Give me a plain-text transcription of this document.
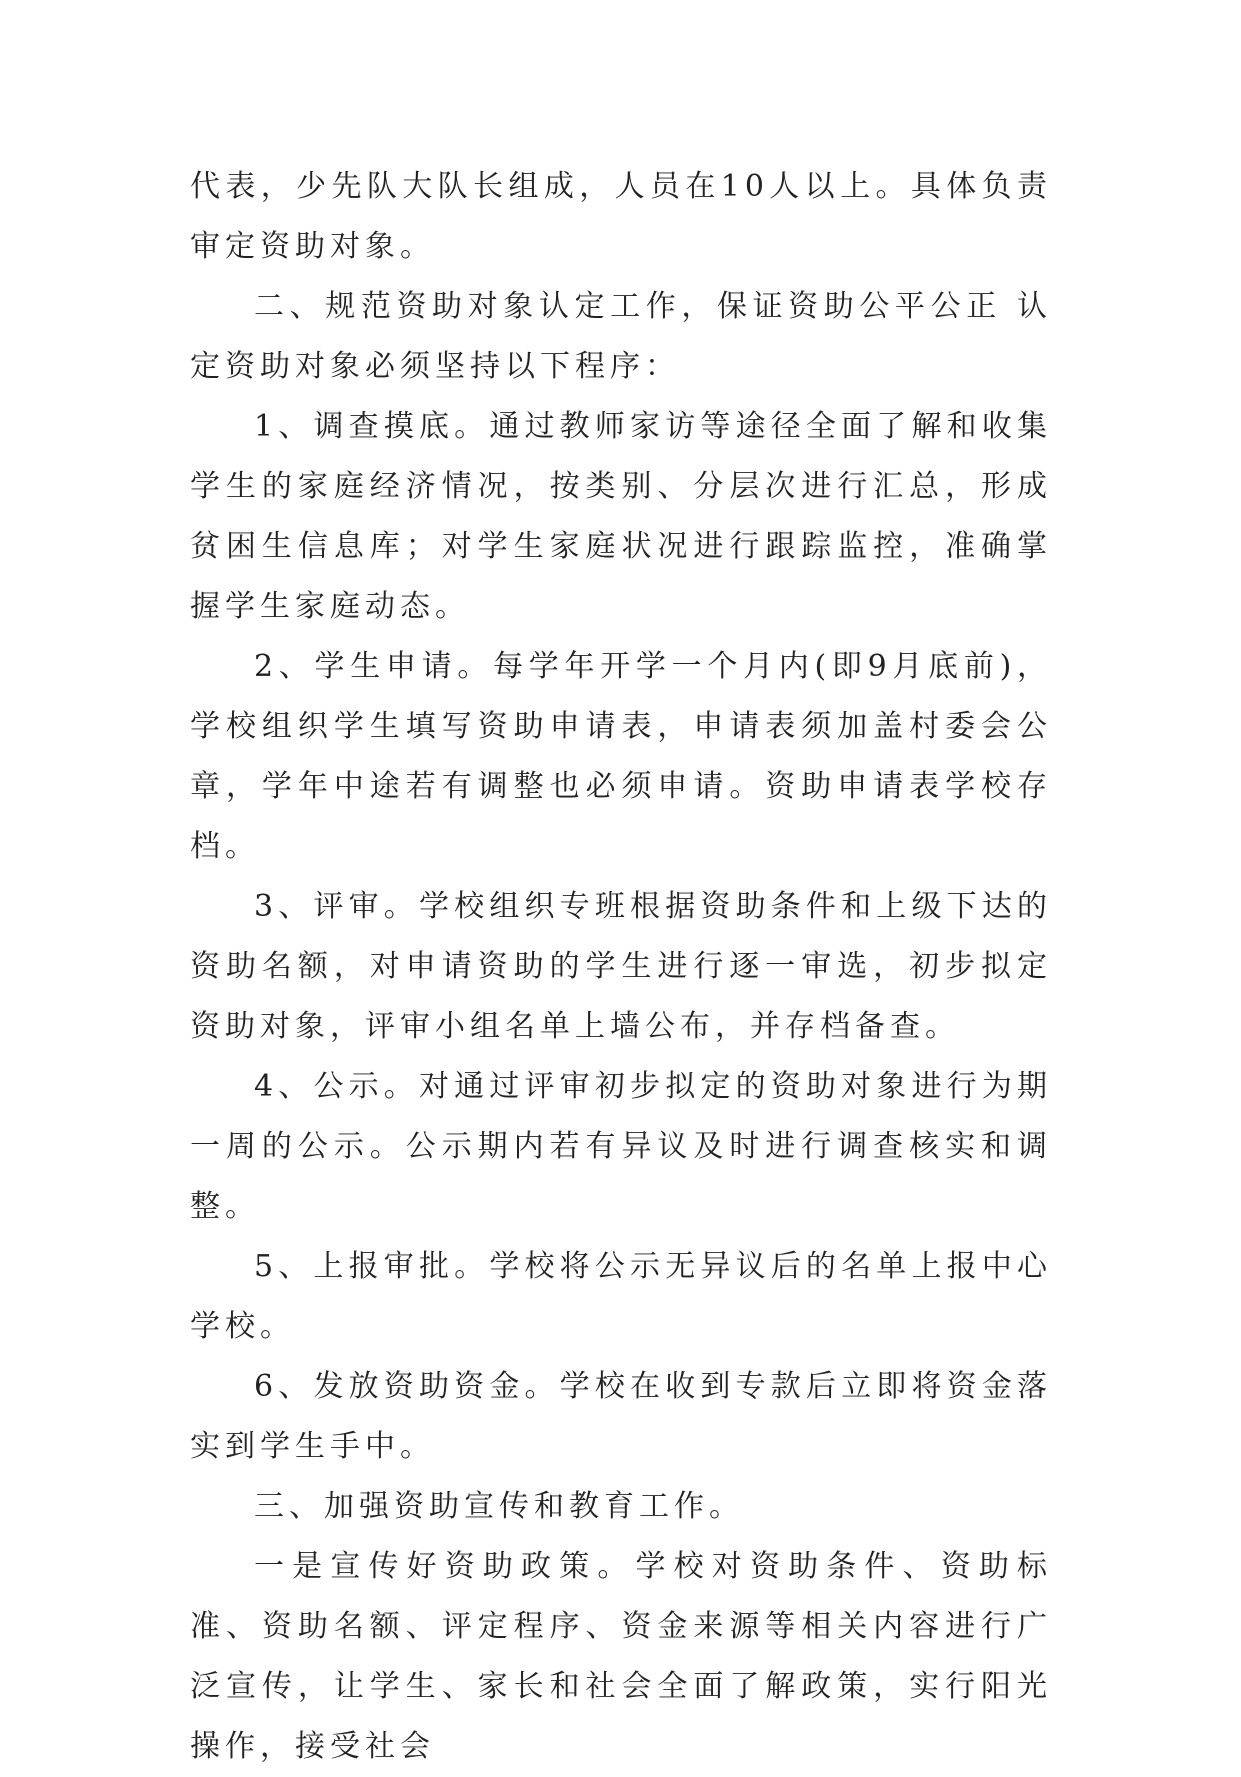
代表，少先队大队长组成，人员在10人以上。具体负责审定资助对象。

二、规范资助对象认定工作，保证资助公平公正 认定资助对象必须坚持以下程序：

1、调查摸底。通过教师家访等途径全面了解和收集学生的家庭经济情况，按类别、分层次进行汇总，形成贫困生信息库；对学生家庭状况进行跟踪监控，准确掌握学生家庭动态。

2、学生申请。每学年开学一个月内(即9月底前)，学校组织学生填写资助申请表，申请表须加盖村委会公章，学年中途若有调整也必须申请。资助申请表学校存档。

3、评审。学校组织专班根据资助条件和上级下达的资助名额，对申请资助的学生进行逐一审选，初步拟定资助对象，评审小组名单上墙公布，并存档备查。

4、公示。对通过评审初步拟定的资助对象进行为期一周的公示。公示期内若有异议及时进行调查核实和调整。

5、上报审批。学校将公示无异议后的名单上报中心学校。

6、发放资助资金。学校在收到专款后立即将资金落实到学生手中。

三、加强资助宣传和教育工作。

一是宣传好资助政策。学校对资助条件、资助标准、资助名额、评定程序、资金来源等相关内容进行广泛宣传，让学生、家长和社会全面了解政策，实行阳光操作，接受社会
